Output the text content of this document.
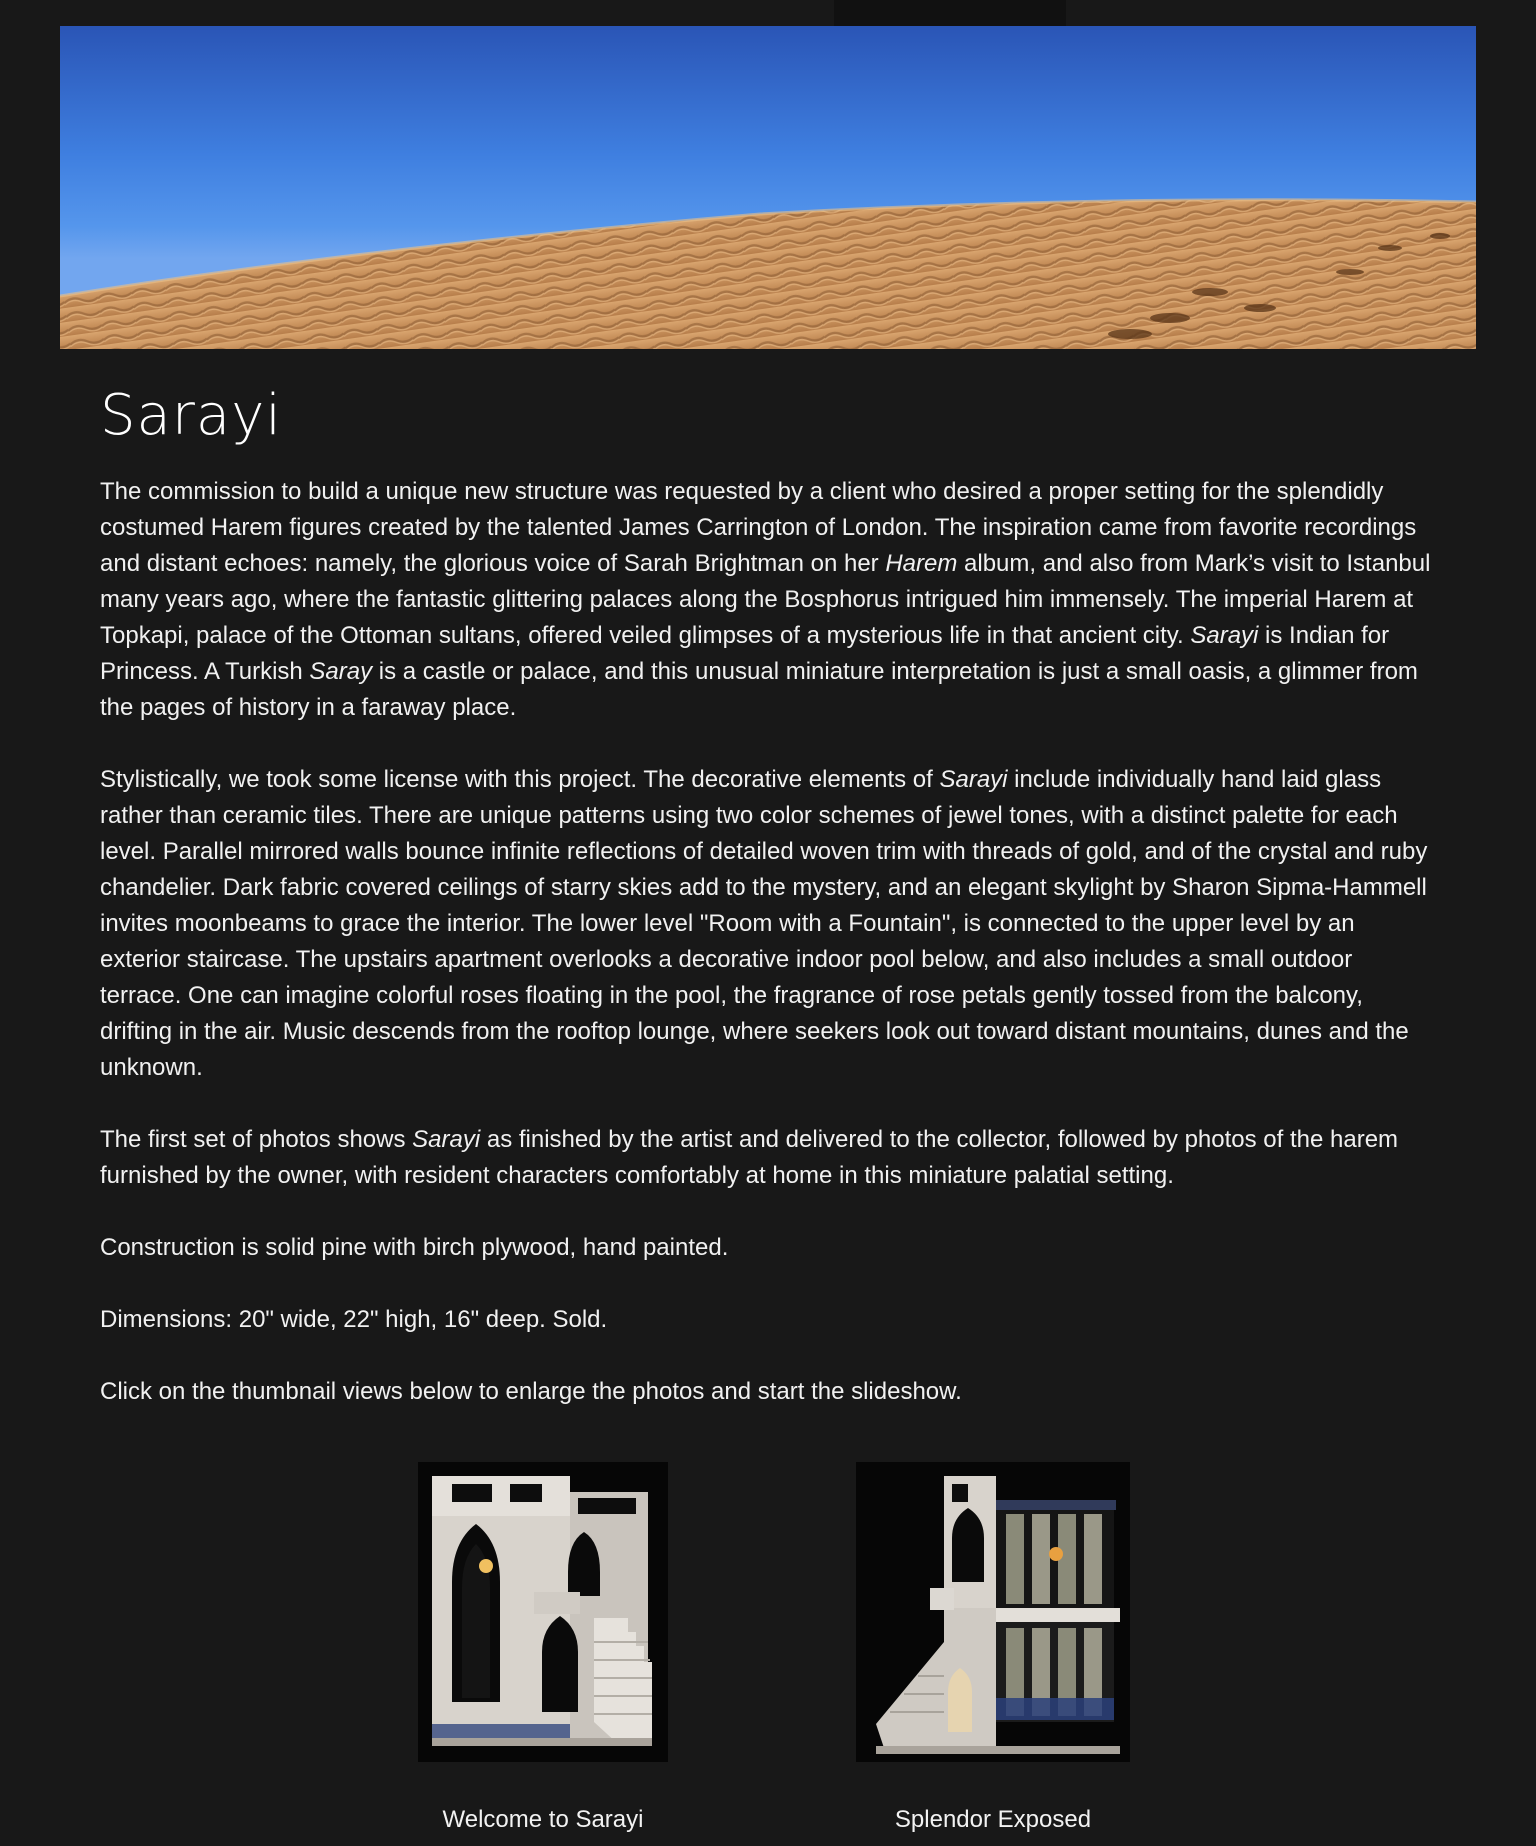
Sarayi

The commission to build a unique new structure was requested by a client who desired a proper setting for the splendidly costumed Harem figures created by the talented James Carrington of London. The inspiration came from favorite recordings and distant echoes: namely, the glorious voice of Sarah Brightman on her Harem album, and also from Mark’s visit to Istanbul many years ago, where the fantastic glittering palaces along the Bosphorus intrigued him immensely. The imperial Harem at Topkapi, palace of the Ottoman sultans, offered veiled glimpses of a mysterious life in that ancient city. Sarayi is Indian for Princess. A Turkish Saray is a castle or palace, and this unusual miniature interpretation is just a small oasis, a glimmer from the pages of history in a faraway place.

Stylistically, we took some license with this project. The decorative elements of Sarayi include individually hand laid glass rather than ceramic tiles. There are unique patterns using two color schemes of jewel tones, with a distinct palette for each level. Parallel mirrored walls bounce infinite reflections of detailed woven trim with threads of gold, and of the crystal and ruby chandelier. Dark fabric covered ceilings of starry skies add to the mystery, and an elegant skylight by Sharon Sipma-Hammell invites moonbeams to grace the interior. The lower level "Room with a Fountain", is connected to the upper level by an exterior staircase. The upstairs apartment overlooks a decorative indoor pool below, and also includes a small outdoor terrace. One can imagine colorful roses floating in the pool, the fragrance of rose petals gently tossed from the balcony, drifting in the air. Music descends from the rooftop lounge, where seekers look out toward distant mountains, dunes and the unknown.

The first set of photos shows Sarayi as finished by the artist and delivered to the collector, followed by photos of the harem furnished by the owner, with resident characters comfortably at home in this miniature palatial setting.

Construction is solid pine with birch plywood, hand painted.

Dimensions: 20" wide, 22" high, 16" deep. Sold.

Click on the thumbnail views below to enlarge the photos and start the slideshow.

Welcome to Sarayi	Splendor Exposed
